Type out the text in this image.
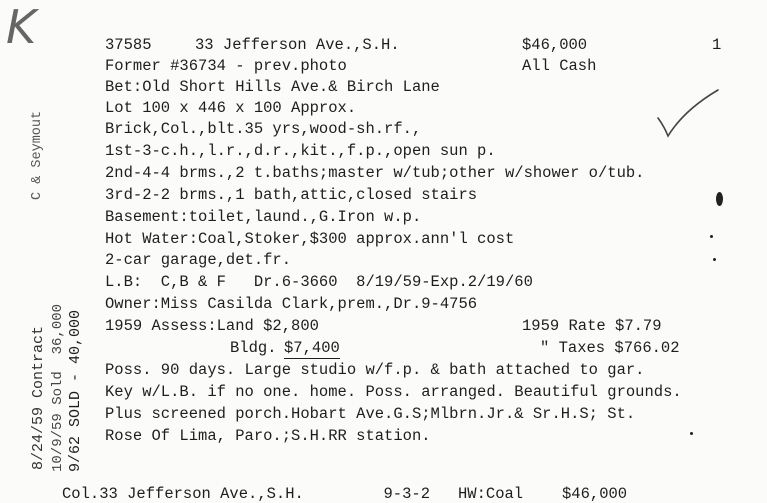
K
C & Seymout
8/24/59 Contract 10/9/59 Sold  36,000 9/62 SOLD - 40,000
37585	33 Jefferson Ave.,S.H.	$46,000	1
Former #36734 - prev.photo	All Cash
Bet:Old Short Hills Ave.& Birch Lane
Lot 100 x 446 x 100 Approx.
Brick,Col.,blt.35 yrs,wood-sh.rf.,
1st-3-c.h.,l.r.,d.r.,kit.,f.p.,open sun p.
2nd-4-4 brms.,2 t.baths;master w/tub;other w/shower o/tub.
3rd-2-2 brms.,1 bath,attic,closed stairs
Basement:toilet,laund.,G.Iron w.p.
Hot Water:Coal,Stoker,$300 approx.ann'l cost
2-car garage,det.fr.
L.B:  C,B & F   Dr.6-3660  8/19/59-Exp.2/19/60
Owner:Miss Casilda Clark,prem.,Dr.9-4756
1959 Assess:Land $2,800	1959 Rate $7.79
Bldg. $7,400	" Taxes $766.02
Poss. 90 days. Large studio w/f.p. & bath attached to gar.
Key w/L.B. if no one. home. Poss. arranged. Beautiful grounds.
Plus screened porch.Hobart Ave.G.S;Mlbrn.Jr.& Sr.H.S; St.
Rose Of Lima, Paro.;S.H.RR station.
Col.33 Jefferson Ave.,S.H.	9-3-2 HW:Coal	$46,000
